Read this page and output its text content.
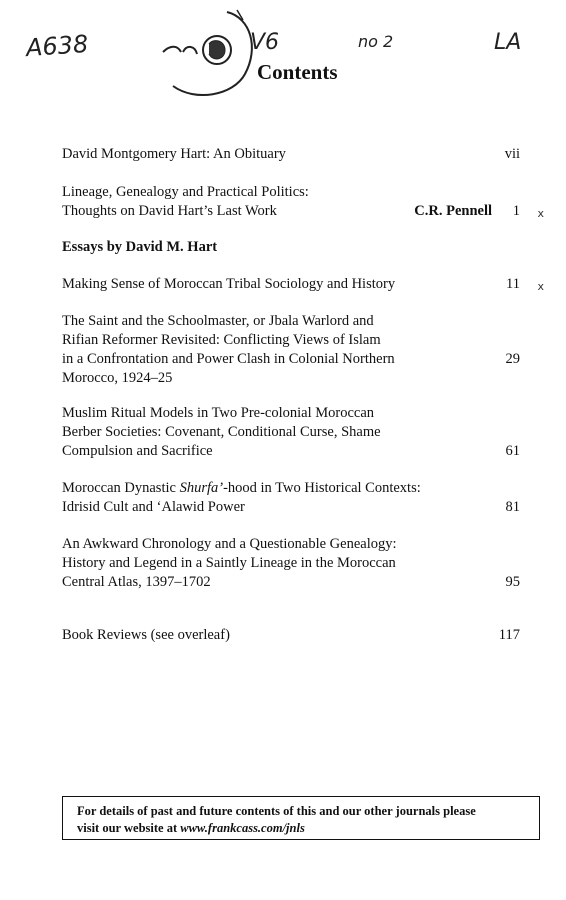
A638	V6	no 2	LA
Contents
David Montgomery Hart: An Obituary	vii
Lineage, Genealogy and Practical Politics:
Thoughts on David Hart’s Last Work	C.R. Pennell 1 x
Essays by David M. Hart
Making Sense of Moroccan Tribal Sociology and History	11 x
The Saint and the Schoolmaster, or Jbala Warlord and
Rifian Reformer Revisited: Conflicting Views of Islam
in a Confrontation and Power Clash in Colonial Northern
Morocco, 1924–25
29
Muslim Ritual Models in Two Pre-colonial Moroccan
Berber Societies: Covenant, Conditional Curse, Shame
Compulsion and Sacrifice	61
Moroccan Dynastic Shurfa’-hood in Two Historical Contexts:
Idrisid Cult and ‘Alawid Power	81
An Awkward Chronology and a Questionable Genealogy:
History and Legend in a Saintly Lineage in the Moroccan
Central Atlas, 1397–1702	95
Book Reviews (see overleaf)	117
For details of past and future contents of this and our other journals please
visit our website at www.frankcass.com/jnls
